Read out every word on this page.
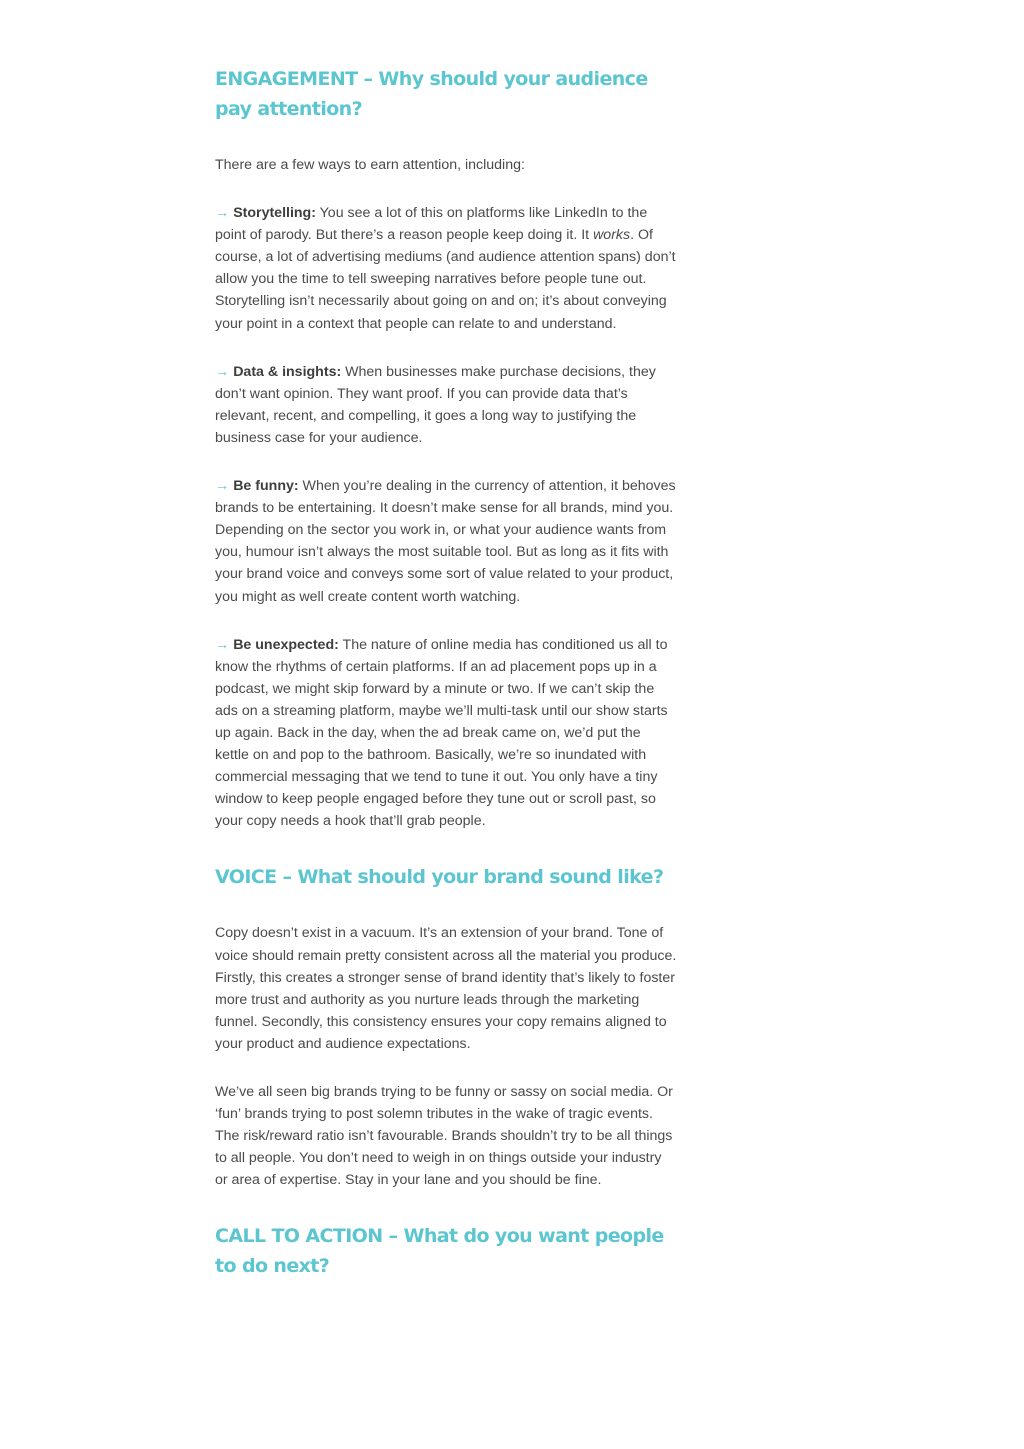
ENGAGEMENT – Why should your audience pay attention?

There are a few ways to earn attention, including:

→ Storytelling: You see a lot of this on platforms like LinkedIn to the point of parody. But there’s a reason people keep doing it. It works. Of course, a lot of advertising mediums (and audience attention spans) don’t allow you the time to tell sweeping narratives before people tune out. Storytelling isn’t necessarily about going on and on; it’s about conveying your point in a context that people can relate to and understand.

→ Data & insights: When businesses make purchase decisions, they don’t want opinion. They want proof. If you can provide data that’s relevant, recent, and compelling, it goes a long way to justifying the business case for your audience.

→ Be funny: When you’re dealing in the currency of attention, it behoves brands to be entertaining. It doesn’t make sense for all brands, mind you. Depending on the sector you work in, or what your audience wants from you, humour isn’t always the most suitable tool. But as long as it fits with your brand voice and conveys some sort of value related to your product, you might as well create content worth watching.

→ Be unexpected: The nature of online media has conditioned us all to know the rhythms of certain platforms. If an ad placement pops up in a podcast, we might skip forward by a minute or two. If we can’t skip the ads on a streaming platform, maybe we’ll multi-task until our show starts up again. Back in the day, when the ad break came on, we’d put the kettle on and pop to the bathroom. Basically, we’re so inundated with commercial messaging that we tend to tune it out. You only have a tiny window to keep people engaged before they tune out or scroll past, so your copy needs a hook that’ll grab people.

VOICE – What should your brand sound like?

Copy doesn’t exist in a vacuum. It’s an extension of your brand. Tone of voice should remain pretty consistent across all the material you produce. Firstly, this creates a stronger sense of brand identity that’s likely to foster more trust and authority as you nurture leads through the marketing funnel. Secondly, this consistency ensures your copy remains aligned to your product and audience expectations.

We’ve all seen big brands trying to be funny or sassy on social media. Or ‘fun’ brands trying to post solemn tributes in the wake of tragic events. The risk/reward ratio isn’t favourable. Brands shouldn’t try to be all things to all people. You don’t need to weigh in on things outside your industry or area of expertise. Stay in your lane and you should be fine.

CALL TO ACTION – What do you want people to do next?
